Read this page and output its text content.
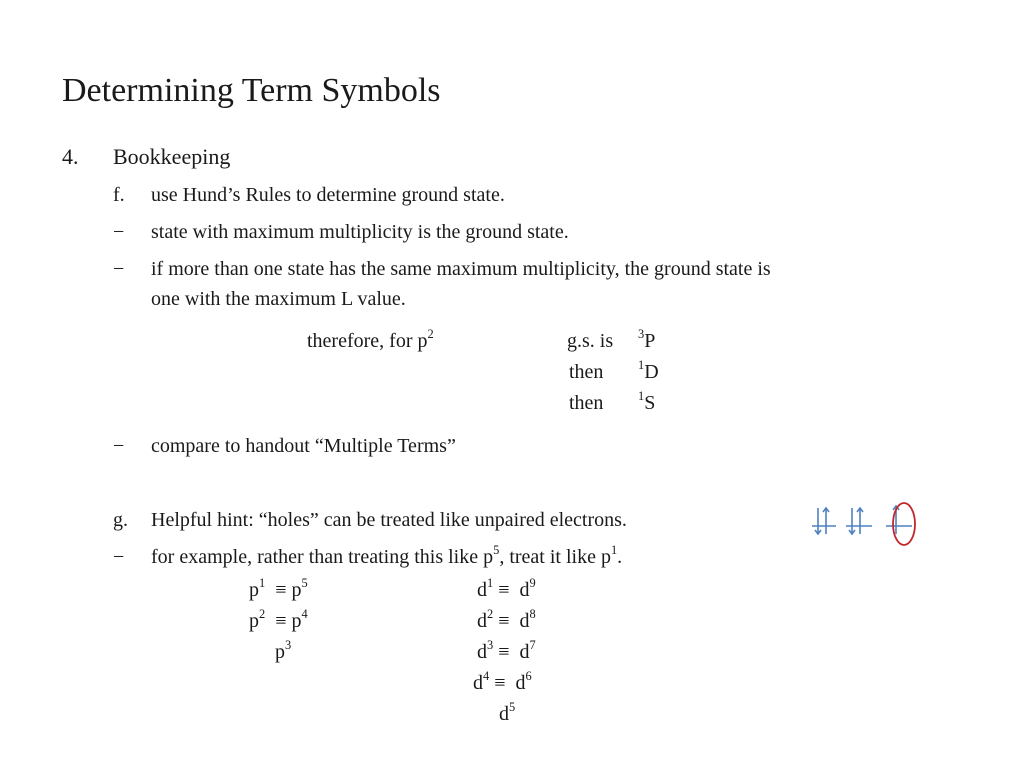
Determining Term Symbols
4. Bookkeeping
f. use Hund’s Rules to determine ground state.
− state with maximum multiplicity is the ground state.
− if more than one state has the same maximum multiplicity, the ground state is
one with the maximum L value.
therefore, for $p^2$	g.s. is $^3$P
then	$^1$D
then	$^1$S
− compare to handout “Multiple Terms”
g. Helpful hint: “holes” can be treated like unpaired electrons.
− for example, rather than treating this like $p^5$, treat it like $p^1$.
$p^1 \equiv p^5$
$p^2 \equiv p^4$
$p^3$
$d^1 \equiv d^9$
$d^2 \equiv d^8$
$d^3 \equiv d^7$
$d^4 \equiv d^6$
$d^5$
